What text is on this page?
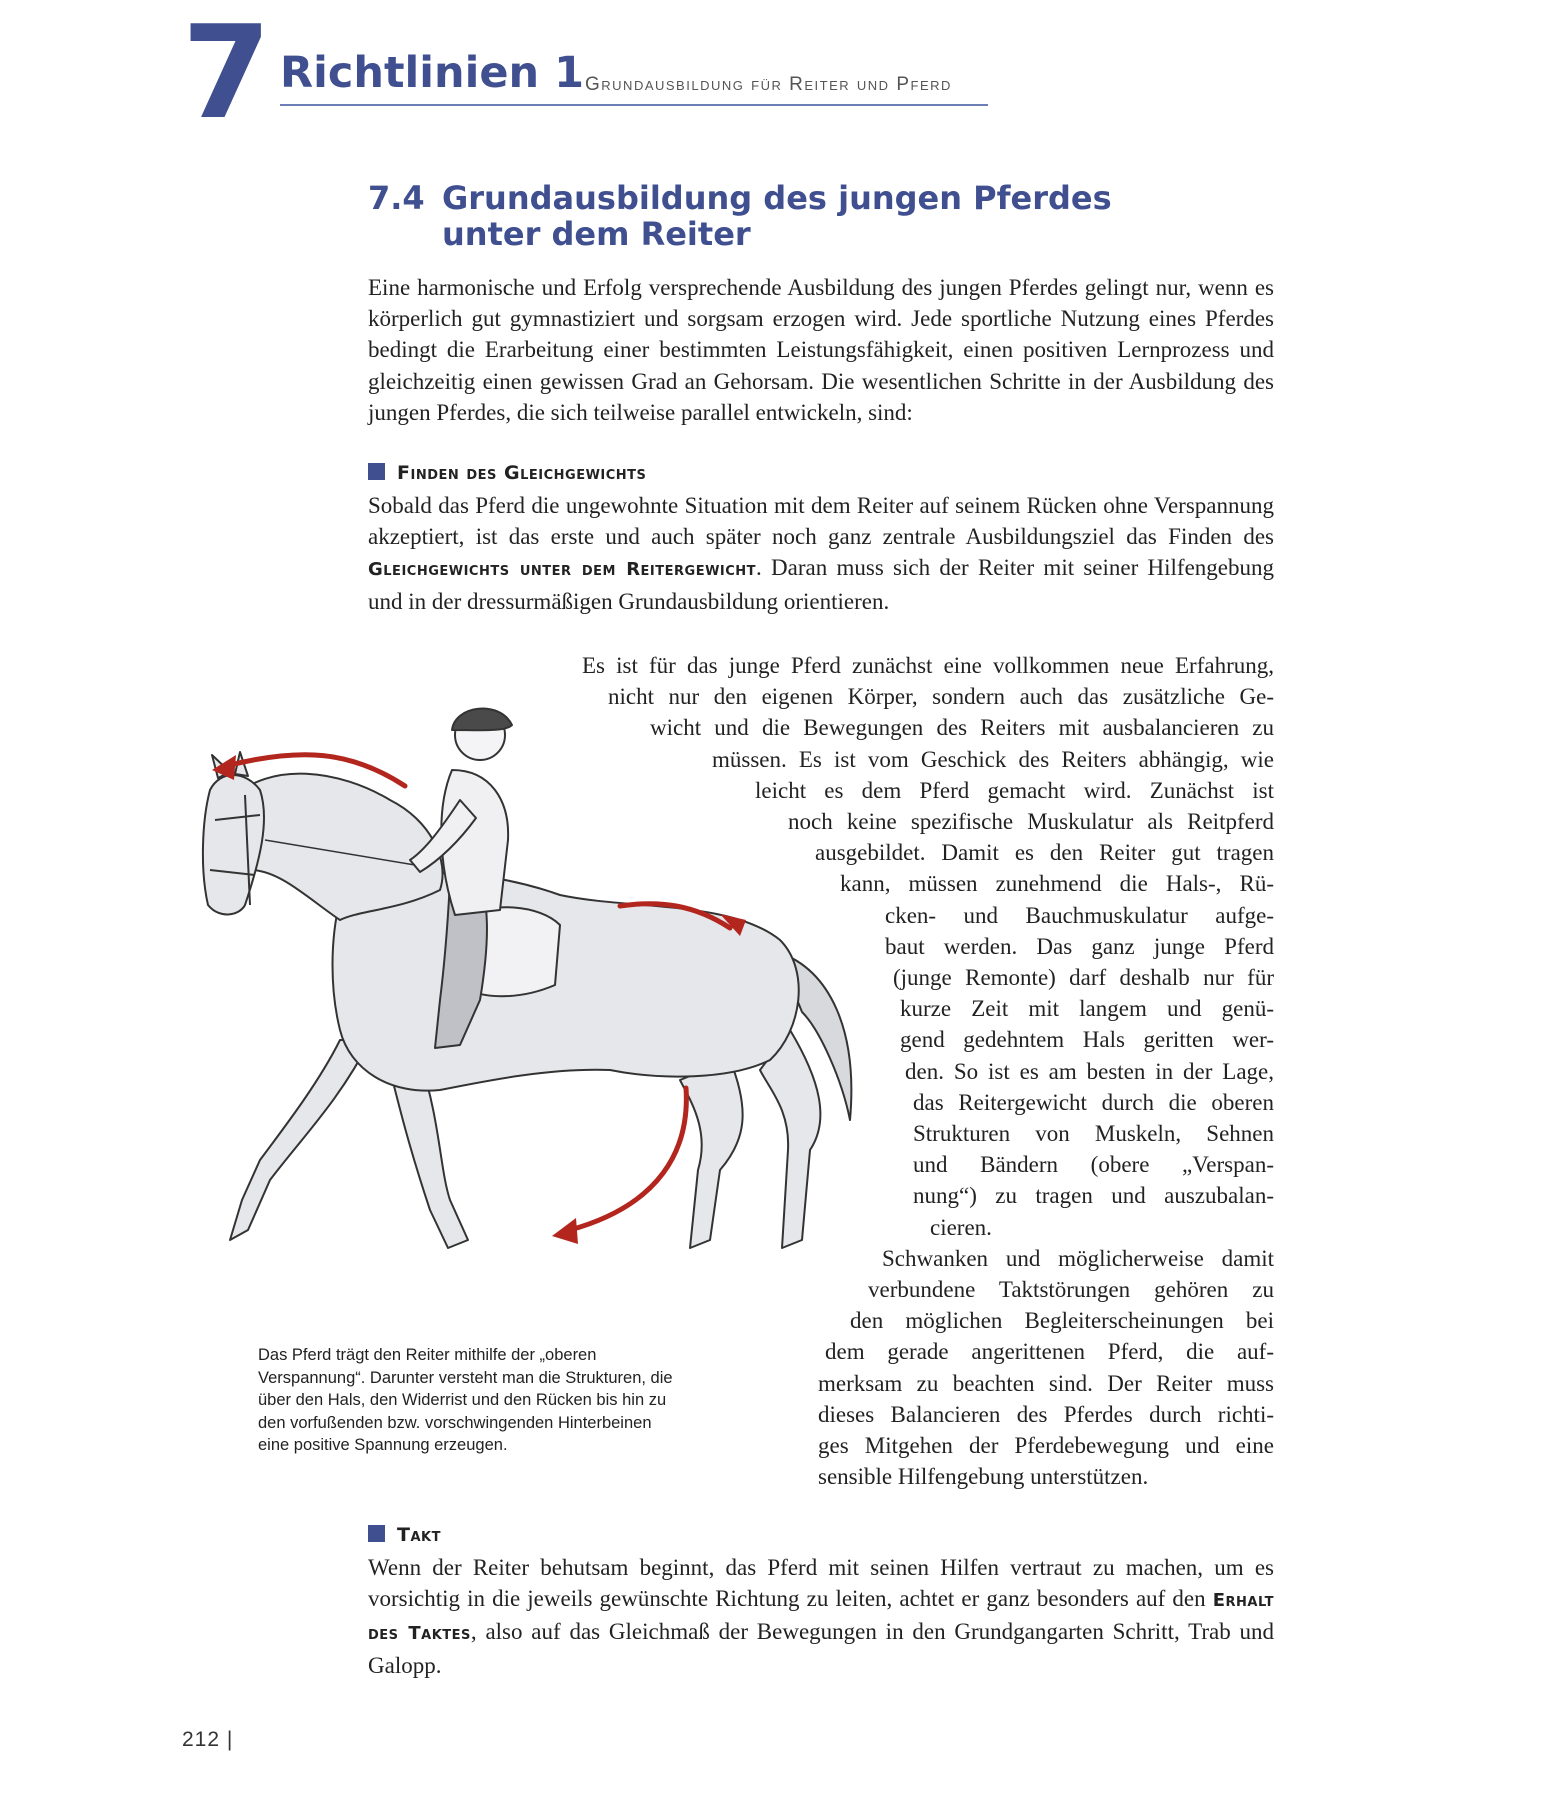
7 Richtlinien 1 Grundausbildung für Reiter und Pferd
7.4 Grundausbildung des jungen Pferdes
unter dem Reiter
Eine harmonische und Erfolg versprechende Ausbildung des jungen Pferdes gelingt nur, wenn es körperlich gut gymnastiziert und sorgsam erzogen wird. Jede sportliche Nutzung eines Pferdes bedingt die Erarbeitung einer bestimmten Leistungsfähigkeit, einen positiven Lernprozess und gleichzeitig einen gewissen Grad an Gehorsam. Die wesentlichen Schritte in der Ausbildung des jungen Pferdes, die sich teilweise parallel entwickeln, sind:
Finden des Gleichgewichts
Sobald das Pferd die ungewohnte Situation mit dem Reiter auf seinem Rücken ohne Verspannung akzeptiert, ist das erste und auch später noch ganz zentrale Ausbildungsziel das Finden des Gleichgewichts unter dem Reitergewicht. Daran muss sich der Reiter mit seiner Hilfengebung und in der dressurmäßigen Grundausbildung orientieren.
Es ist für das junge Pferd zunächst eine vollkommen neue Erfahrung,
nicht nur den eigenen Körper, sondern auch das zusätzliche Ge-
wicht und die Bewegungen des Reiters mit ausbalancieren zu
müssen. Es ist vom Geschick des Reiters abhängig, wie
leicht es dem Pferd gemacht wird. Zunächst ist
noch keine spezifische Muskulatur als Reitpferd
ausgebildet. Damit es den Reiter gut tragen
kann, müssen zunehmend die Hals-, Rü-
cken- und Bauchmuskulatur aufge-
baut werden. Das ganz junge Pferd
(junge Remonte) darf deshalb nur für
kurze Zeit mit langem und genü-
gend gedehntem Hals geritten wer-
den. So ist es am besten in der Lage,
das Reitergewicht durch die oberen
Strukturen von Muskeln, Sehnen
und Bändern (obere „Verspan-
nung“) zu tragen und auszubalan-
cieren.
Schwanken und möglicherweise damit
verbundene Taktstörungen gehören zu
den möglichen Begleiterscheinungen bei
dem gerade angerittenen Pferd, die auf-
merksam zu beachten sind. Der Reiter muss
dieses Balancieren des Pferdes durch richti-
ges Mitgehen der Pferdebewegung und eine
sensible Hilfengebung unterstützen.
Das Pferd trägt den Reiter mithilfe der „oberen Verspannung“. Darunter versteht man die Strukturen, die über den Hals, den Widerrist und den Rücken bis hin zu den vorfußenden bzw. vorschwingenden Hinterbeinen eine positive Spannung erzeugen.
Takt
Wenn der Reiter behutsam beginnt, das Pferd mit seinen Hilfen vertraut zu machen, um es vorsichtig in die jeweils gewünschte Richtung zu leiten, achtet er ganz besonders auf den Erhalt des Taktes, also auf das Gleichmaß der Bewegungen in den Grundgangarten Schritt, Trab und Galopp.
212 |
